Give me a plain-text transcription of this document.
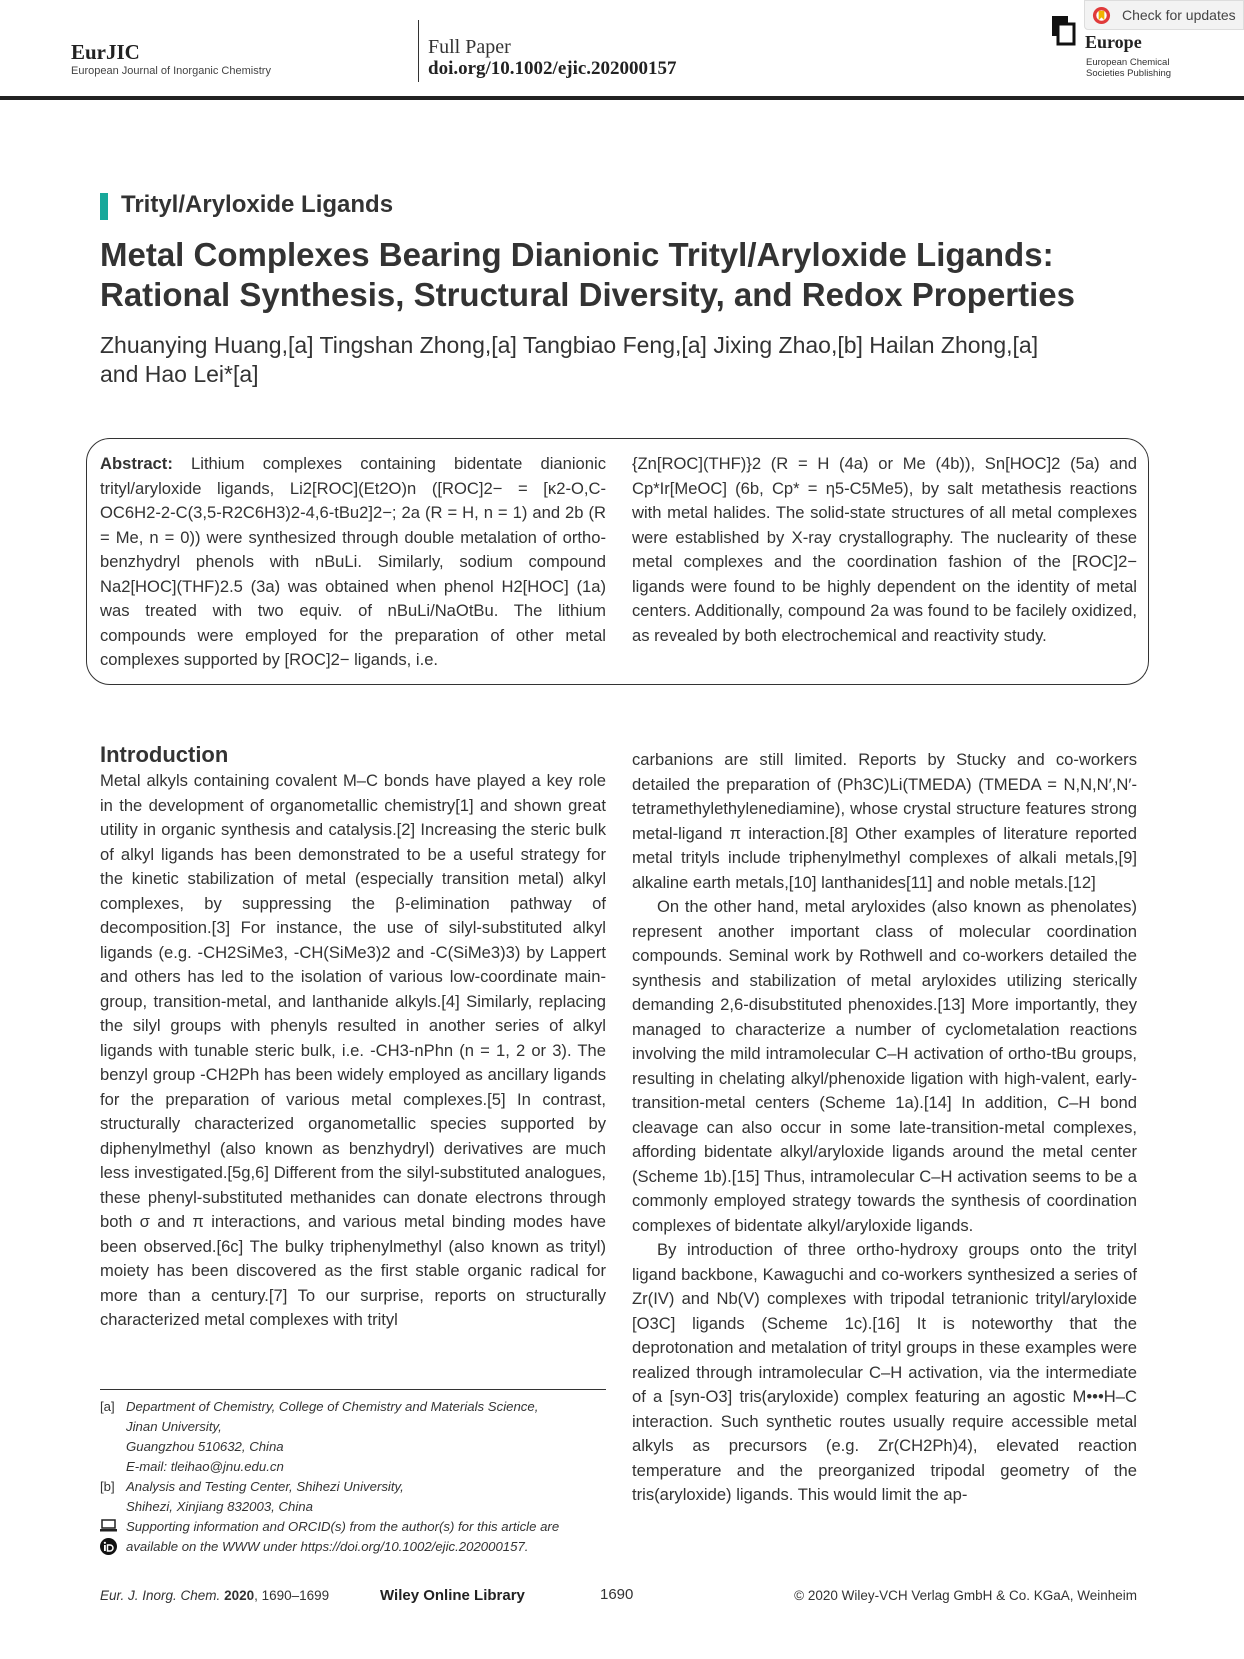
EurJIC
European Journal of Inorganic Chemistry
Full Paper
doi.org/10.1002/ejic.202000157
Europe
European Chemical
Societies Publishing
Check for updates
Trityl/Aryloxide Ligands
Metal Complexes Bearing Dianionic Trityl/Aryloxide Ligands:
Rational Synthesis, Structural Diversity, and Redox Properties
Zhuanying Huang,[a] Tingshan Zhong,[a] Tangbiao Feng,[a] Jixing Zhao,[b] Hailan Zhong,[a]
and Hao Lei*[a]
Abstract: Lithium complexes containing bidentate dianionic trityl/aryloxide ligands, Li2[ROC](Et2O)n ([ROC]2− = [κ2-O,C-OC6H2-2-C(3,5-R2C6H3)2-4,6-tBu2]2−; 2a (R = H, n = 1) and 2b (R = Me, n = 0)) were synthesized through double metalation of ortho-benzhydryl phenols with nBuLi. Similarly, sodium compound Na2[HOC](THF)2.5 (3a) was obtained when phenol H2[HOC] (1a) was treated with two equiv. of nBuLi/NaOtBu. The lithium compounds were employed for the preparation of other metal complexes supported by [ROC]2− ligands, i.e.
{Zn[ROC](THF)}2 (R = H (4a) or Me (4b)), Sn[HOC]2 (5a) and Cp*Ir[MeOC] (6b, Cp* = η5-C5Me5), by salt metathesis reactions with metal halides. The solid-state structures of all metal complexes were established by X-ray crystallography. The nuclearity of these metal complexes and the coordination fashion of the [ROC]2− ligands were found to be highly dependent on the identity of metal centers. Additionally, compound 2a was found to be facilely oxidized, as revealed by both electrochemical and reactivity study.
Introduction

Metal alkyls containing covalent M–C bonds have played a key role in the development of organometallic chemistry[1] and shown great utility in organic synthesis and catalysis.[2] Increasing the steric bulk of alkyl ligands has been demonstrated to be a useful strategy for the kinetic stabilization of metal (especially transition metal) alkyl complexes, by suppressing the β-elimination pathway of decomposition.[3] For instance, the use of silyl-substituted alkyl ligands (e.g. -CH2SiMe3, -CH(SiMe3)2 and -C(SiMe3)3) by Lappert and others has led to the isolation of various low-coordinate main-group, transition-metal, and lanthanide alkyls.[4] Similarly, replacing the silyl groups with phenyls resulted in another series of alkyl ligands with tunable steric bulk, i.e. -CH3-nPhn (n = 1, 2 or 3). The benzyl group -CH2Ph has been widely employed as ancillary ligands for the preparation of various metal complexes.[5] In contrast, structurally characterized organometallic species supported by diphenylmethyl (also known as benzhydryl) derivatives are much less investigated.[5g,6] Different from the silyl-substituted analogues, these phenyl-substituted methanides can donate electrons through both σ and π interactions, and various metal binding modes have been observed.[6c] The bulky triphenylmethyl (also known as trityl) moiety has been discovered as the first stable organic radical for more than a century.[7] To our surprise, reports on structurally characterized metal complexes with trityl

carbanions are still limited. Reports by Stucky and co-workers detailed the preparation of (Ph3C)Li(TMEDA) (TMEDA = N,N,N′,N′-tetramethylethylenediamine), whose crystal structure features strong metal-ligand π interaction.[8] Other examples of literature reported metal trityls include triphenylmethyl complexes of alkali metals,[9] alkaline earth metals,[10] lanthanides[11] and noble metals.[12]

On the other hand, metal aryloxides (also known as phenolates) represent another important class of molecular coordination compounds. Seminal work by Rothwell and co-workers detailed the synthesis and stabilization of metal aryloxides utilizing sterically demanding 2,6-disubstituted phenoxides.[13] More importantly, they managed to characterize a number of cyclometalation reactions involving the mild intramolecular C–H activation of ortho-tBu groups, resulting in chelating alkyl/phenoxide ligation with high-valent, early-transition-metal centers (Scheme 1a).[14] In addition, C–H bond cleavage can also occur in some late-transition-metal complexes, affording bidentate alkyl/aryloxide ligands around the metal center (Scheme 1b).[15] Thus, intramolecular C–H activation seems to be a commonly employed strategy towards the synthesis of coordination complexes of bidentate alkyl/aryloxide ligands.

By introduction of three ortho-hydroxy groups onto the trityl ligand backbone, Kawaguchi and co-workers synthesized a series of Zr(IV) and Nb(V) complexes with tripodal tetranionic trityl/aryloxide [O3C] ligands (Scheme 1c).[16] It is noteworthy that the deprotonation and metalation of trityl groups in these examples were realized through intramolecular C–H activation, via the intermediate of a [syn-O3] tris(aryloxide) complex featuring an agostic M•••H–C interaction. Such synthetic routes usually require accessible metal alkyls as precursors (e.g. Zr(CH2Ph)4), elevated reaction temperature and the preorganized tripodal geometry of the tris(aryloxide) ligands. This would limit the ap-

[a] Department of Chemistry, College of Chemistry and Materials Science,
Jinan University,
Guangzhou 510632, China
E-mail: tleihao@jnu.edu.cn
[b] Analysis and Testing Center, Shihezi University,
Shihezi, Xinjiang 832003, China
Supporting information and ORCID(s) from the author(s) for this article are
available on the WWW under https://doi.org/10.1002/ejic.202000157.
Eur. J. Inorg. Chem. 2020, 1690–1699	Wiley Online Library	1690	© 2020 Wiley-VCH Verlag GmbH & Co. KGaA, Weinheim
